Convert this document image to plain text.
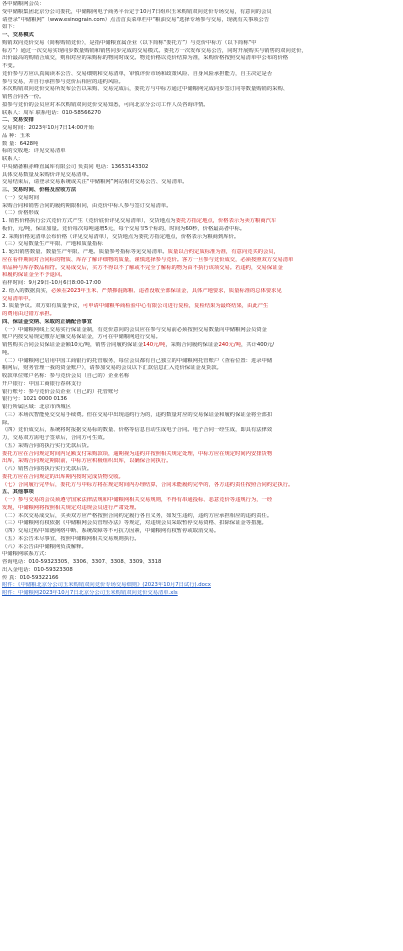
各中储粮网会员：
受中储粮集团北京分公司委托，中储粮网电子商务平台定于10月7日组织玉米购销双向竞价专场交易，有意向的会员
请登录“中储粮网”（www.esinograin.com）点击首页菜单栏中“粮油交易”选择专场参与交易，现就有关事项公告
如下：
一、交易模式
购销双向竞价交易（简称购销竞价），是指中储粮直属企业（以下简称“委托方”）与竞价中标方（以下简称“中
标方”）通过一次交易实现同步数量购销和销售同步完成的交易模式。委托方一次发布交易公告，同时开展购买与销售的双向竞价，
出价最高的购销合成交，则相对应的采购标的物同时成交。物竞价格以竞价结算为准，采购价格按照交易清单中公布的价格
不变。
竞价参与方应认真阅读本公告、交易细则和交易清单，审慎评价市场和政策风险、自身风险承担能力，自主决定是否
参与交易，并自行承担参与竞价后相应的违约风险。
本次购销双向竞价交易所发布公告以采购、交易完成后，委托方与中标方通过中储粮网完成同步签订同等数量购销的采购、
销售合同各一份。
拟参与竞价的会员应对本次购销双向竞价交易知悉，可向北京分公司工作人员咨询详情。
联系人：周军 联系电话：010-58566270
二、交易安排
交易时间：2023年10月7日14:00开始
品 种：玉米
数 量：6428吨
标的交收地：详见交易清单
联系人：
中央储备粮赤峰直属库有限公司 负责同 电话：13653143302
具体交易数量及采购价详见交易清单。
交易结束后，请登录交易系统或关注“中储粮网”网站相对交易公告、交易清单。
三、交易时间、价格及应收方法
（一）交易时间
采购合同和销售合同的履约期限相同，由竞价中标人参与签订交易清单。
（二）价格形成
1. 销售价格执行公式竞价方式产生（竞价底价详见交易清单），交货地点为委托方指定地点，价格表示为卖方粮商汽车
板价，元/吨，保证加量。竞价每次每吨递增5元，每个交易节5个标的，时间为60秒，价格最高者中标。
2. 采购价格见清单公布价格（详见交易清单），交货地点为委托方指定地点，价格表示为粮商到库价。
（三）交易数量生产年限、产地和质量指标
1. 轮出销售数量、数量生产年限、产地、质量参考指标等见交易清单。质量以合约定质标准为准，有意向竞买的会员，
应在看样期间对合同标的物质、库存了解详细物的质量，谨慎选择参与竞价。客方一旦参与竞价成交，必须按照双方交易清单
单品种与库存数品相符。交易成交后，买方不得以不了解或不完全了解标的物为由不执行该项交易。若违约，交易保证金
和履约保证金全不予退回。
看样时间：9月29日-10月6日8:00-17:00
2. 给入的数据真实，必须在2023年玉米、严禁掺混陈粮、违者没收全部保证金，具体产地要求，质量标准的总体要求见
交易清单中。
3. 质量争议。双方如有质量争议，可申请中储粮华商检验中心有限公司进行复检，复检结果为最终结果，由此产生
的费用由过错方承担。
四、保证金交纳、采取的正确配合事宜
（一）中储粮网线上交易实行保证金制，有竞价意向的会员应在参与交易前必须按照交易数量向中储粮网会员资金
账户内按交易规定缴存足额交易保证金，方可在中储粮网进行交易。
销售购买合同会员保证金金额10元/吨，销售合同履约保证金140元/吨，采购合同履约保证金240元/吨，共计400元/
吨。
（二）中储粮网已启用中国工商银行的托管服务，每位会员都有自己独立的中储粮网托管账户（查看位置：进录中储
粮网后，财务管理一我的资金账户），请参加交易的会员以下汇款信息汇入竞价保证金及货款。
收款单位账户名称：参与竞价会员（自己的）企业名称
开户银行：中国工商银行春林支行
银行账号：参与竞价会员企业（自己的）托管账号
银行号：1021 0000 0136
银行所属区域：北京市西城区
（三）本场次智能免交交易手续费。但在交易中出现违约行为的，违约数量对应的交易保证金和履约保证金将全部扣
除。
（四）竞价成交后，系统将时报据交易标的数量、价格等信息自动生成电子合同。电子合同一经生成，即具有法律效
力，交易双方需电子签章后，合同方可生效。
（五）采购合同的执行实行先款后货。
委托方应在合同规定时间内足额支付采购款项，逾期视为违约并按照相关规定处理，中标方应在规定时间内安排货物
出库，采购合同规定期限前，中标方应积极组织出库，以确保合同执行。
（六）销售合同的执行实行先款后货。
委托方应在合同规定的出库期内按时完成货物交收。
（七）合同履行完毕后，委托方与中标方将在规定时间内办理结算，合同未能履约完毕的，各方违约责任按照合同约定执行。
五、其他事项
（一）参与交易的会员须遵守国家法律法规和中储粮网相关交易规则，不得有串通投标、恶意竞价等违规行为，一经
发现，中储粮网将按照相关规定对违规会员进行严肃处理。
（二）本次交易成交后，买卖双方应严格按照合同约定履行各自义务，如发生违约，违约方应承担相应的违约责任。
（三）中储粮网有权依据《中储粮网会员管理办法》等规定，对违规会员采取暂停交易资格、扣除保证金等措施。
（四）交易过程中如遇网络中断、系统故障等不可抗力因素，中储粮网有权暂停或取消交易。
（五）本公告未尽事宜，按照中储粮网相关交易规则执行。
（六）本公告由中储粮网负责解释。
中储粮网联系方式：
咨询电话：010-59323305、3306、3307、3308、3309、3318
出入金电话：010-59323308
传 真：010-59322166
附件：《中储粮北京分公司玉米购销双向竞价专场交易细则》(2023年10月7日试行).docx
附件：中储粮网2023年10月7日北京分公司玉米购销双向竞价交易清单.xls
